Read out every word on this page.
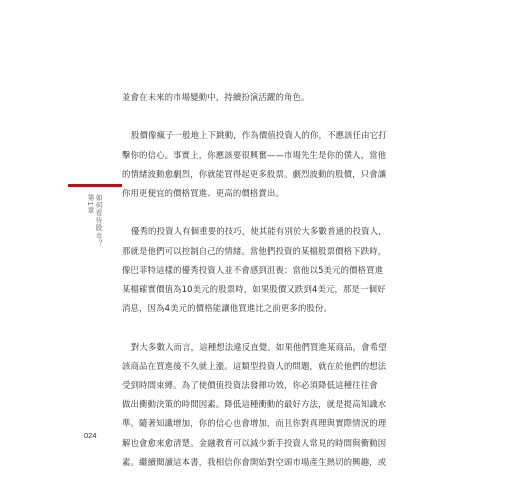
並會在未來的市場變動中，持續扮演活躍的角色。

股價像瘋子一般地上下跳動，作為價值投資人的你，不應該任由它打
擊你的信心。事實上，你應該要很興奮——市場先生是你的僕人，當他
的情緒波動愈劇烈，你就能買得起更多股票。劇烈波動的股價，只會讓
你用更便宜的價格買進、更高的價格賣出。

優秀的投資人有個重要的技巧，使其能有別於大多數普通的投資人，
那就是他們可以控制自己的情緒。當他們投資的某檔股票價格下跌時，
像巴菲特這樣的優秀投資人並不會感到沮喪；當他以5美元的價格買進
某檔確實價值為10美元的股票時，如果股價又跌到4美元，那是一個好
消息，因為4美元的價格能讓他買進比之前更多的股份。

對大多數人而言，這種想法違反直覺。如果他們買進某商品，會希望
該商品在買進後不久就上漲。這類型投資人的問題，就在於他們的想法
受到時間束縛。為了使價值投資法發揮功效，你必須降低這種往往會
做出衝動決策的時間因素。降低這種衝動的最好方法，就是提高知識水
準。隨著知識增加，你的信心也會增加，而且你對真理與實際情況的理
解也會愈來愈清楚。金融教育可以減少新手投資人常見的時間與衝動因
素。繼續閱讀這本書，我相信你會開始對空頭市場產生熱切的興趣，或

第1章 如何看待股市？
024
